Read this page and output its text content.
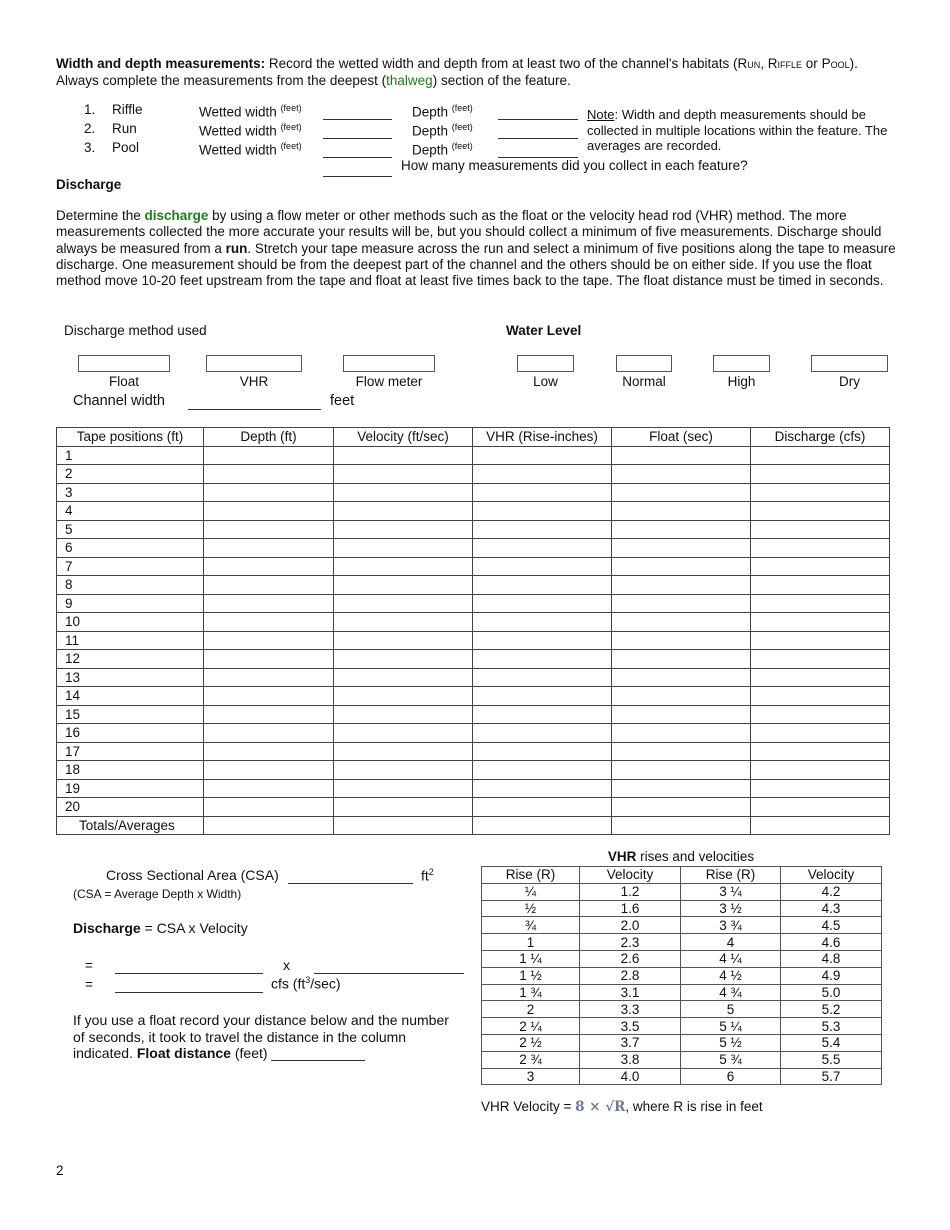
Width and depth measurements: Record the wetted width and depth from at least two of the channel's habitats (Run, Riffle or Pool).
Always complete the measurements from the deepest (thalweg) section of the feature.
1. Riffle	Wetted width $^{(feet)}$	Depth $^{(feet)}$
2. Run	Wetted width $^{(feet)}$	Depth $^{(feet)}$
3. Pool	Wetted width $^{(feet)}$	Depth $^{(feet)}$
How many measurements did you collect in each feature?
Note: Width and depth measurements should be collected in multiple locations within the feature. The averages are recorded.
Discharge
Determine the discharge by using a flow meter or other methods such as the float or the velocity head rod (VHR) method. The more measurements collected the more accurate your results will be, but you should collect a minimum of five measurements. Discharge should always be measured from a run. Stretch your tape measure across the run and select a minimum of five positions along the tape to measure discharge. One measurement should be from the deepest part of the channel and the others should be on either side. If you use the float method move 10-20 feet upstream from the tape and float at least five times back to the tape. The float distance must be timed in seconds.
Discharge method used	Water Level
Float	VHR	Flow meter	Low	Normal	High	Dry
Channel width	feet
Tape positions (ft)	Depth (ft)	Velocity (ft/sec)	VHR (Rise-inches)	Float (sec)	Discharge (cfs)
1					
2					
3					
4					
5					
6					
7					
8					
9					
10					
11					
12					
13					
14					
15					
16					
17					
18					
19					
20					
Totals/Averages					
Cross Sectional Area (CSA)	$ft^2$
(CSA = Average Depth x Width)
Discharge = CSA x Velocity
=	x
=	cfs $(ft^3/\sec)$
If you use a float record your distance below and the number of seconds, it took to travel the distance in the column indicated. Float distance (feet) ____________
VHR rises and velocities
Rise (R)	Velocity	Rise (R)	Velocity
¼	1.2	3 ¼	4.2
½	1.6	3 ½	4.3
¾	2.0	3 ¾	4.5
1	2.3	4	4.6
1 ¼	2.6	4 ¼	4.8
1 ½	2.8	4 ½	4.9
1 ¾	3.1	4 ¾	5.0
2	3.3	5	5.2
2 ¼	3.5	5 ¼	5.3
2 ½	3.7	5 ½	5.4
2 ¾	3.8	5 ¾	5.5
3	4.0	6	5.7
VHR Velocity = 8 × √R, where R is rise in feet
2
